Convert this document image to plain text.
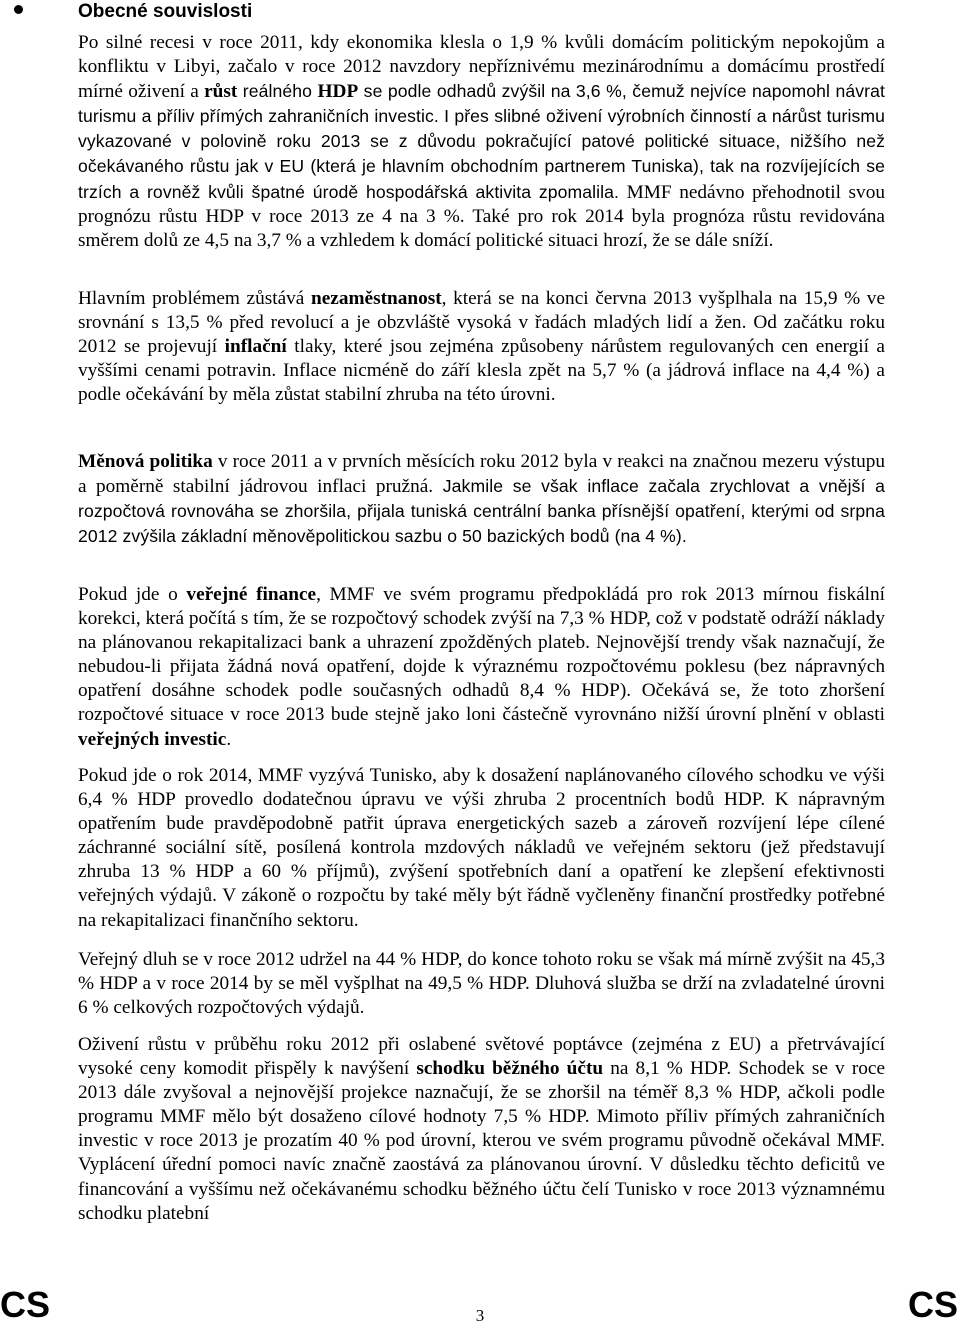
Obecné souvislosti
Po silné recesi v roce 2011, kdy ekonomika klesla o 1,9 % kvůli domácím politickým nepokojům a konfliktu v Libyi, začalo v roce 2012 navzdory nepříznivému mezinárodnímu a domácímu prostředí mírné oživení a růst reálného HDP se podle odhadů zvýšil na 3,6 %, čemuž nejvíce napomohl návrat turismu a příliv přímých zahraničních investic. I přes slibné oživení výrobních činností a nárůst turismu vykazované v polovině roku 2013 se z důvodu pokračující patové politické situace, nižšího než očekávaného růstu jak v EU (která je hlavním obchodním partnerem Tuniska), tak na rozvíjejících se trzích a rovněž kvůli špatné úrodě hospodářská aktivita zpomalila. MMF nedávno přehodnotil svou prognózu růstu HDP v roce 2013 ze 4 na 3 %. Také pro rok 2014 byla prognóza růstu revidována směrem dolů ze 4,5 na 3,7 % a vzhledem k domácí politické situaci hrozí, že se dále sníží.
Hlavním problémem zůstává nezaměstnanost, která se na konci června 2013 vyšplhala na 15,9 % ve srovnání s 13,5 % před revolucí a je obzvláště vysoká v řadách mladých lidí a žen. Od začátku roku 2012 se projevují inflační tlaky, které jsou zejména způsobeny nárůstem regulovaných cen energií a vyššími cenami potravin. Inflace nicméně do září klesla zpět na 5,7 % (a jádrová inflace na 4,4 %) a podle očekávání by měla zůstat stabilní zhruba na této úrovni.
Měnová politika v roce 2011 a v prvních měsících roku 2012 byla v reakci na značnou mezeru výstupu a poměrně stabilní jádrovou inflaci pružná. Jakmile se však inflace začala zrychlovat a vnější a rozpočtová rovnováha se zhoršila, přijala tuniská centrální banka přísnější opatření, kterými od srpna 2012 zvýšila základní měnověpolitickou sazbu o 50 bazických bodů (na 4 %).
Pokud jde o veřejné finance, MMF ve svém programu předpokládá pro rok 2013 mírnou fiskální korekci, která počítá s tím, že se rozpočtový schodek zvýší na 7,3 % HDP, což v podstatě odráží náklady na plánovanou rekapitalizaci bank a uhrazení zpožděných plateb. Nejnovější trendy však naznačují, že nebudou-li přijata žádná nová opatření, dojde k výraznému rozpočtovému poklesu (bez nápravných opatření dosáhne schodek podle současných odhadů 8,4 % HDP). Očekává se, že toto zhoršení rozpočtové situace v roce 2013 bude stejně jako loni částečně vyrovnáno nižší úrovní plnění v oblasti veřejných investic.
Pokud jde o rok 2014, MMF vyzývá Tunisko, aby k dosažení naplánovaného cílového schodku ve výši 6,4 % HDP provedlo dodatečnou úpravu ve výši zhruba 2 procentních bodů HDP. K nápravným opatřením bude pravděpodobně patřit úprava energetických sazeb a zároveň rozvíjení lépe cílené záchranné sociální sítě, posílená kontrola mzdových nákladů ve veřejném sektoru (jež představují zhruba 13 % HDP a 60 % příjmů), zvýšení spotřebních daní a opatření ke zlepšení efektivnosti veřejných výdajů. V zákoně o rozpočtu by také měly být řádně vyčleněny finanční prostředky potřebné na rekapitalizaci finančního sektoru.
Veřejný dluh se v roce 2012 udržel na 44 % HDP, do konce tohoto roku se však má mírně zvýšit na 45,3 % HDP a v roce 2014 by se měl vyšplhat na 49,5 % HDP. Dluhová služba se drží na zvladatelné úrovni 6 % celkových rozpočtových výdajů.
Oživení růstu v průběhu roku 2012 při oslabené světové poptávce (zejména z EU) a přetrvávající vysoké ceny komodit přispěly k navýšení schodku běžného účtu na 8,1 % HDP. Schodek se v roce 2013 dále zvyšoval a nejnovější projekce naznačují, že se zhoršil na téměř 8,3 % HDP, ačkoli podle programu MMF mělo být dosaženo cílové hodnoty 7,5 % HDP. Mimoto příliv přímých zahraničních investic v roce 2013 je prozatím 40 % pod úrovní, kterou ve svém programu původně očekával MMF. Vyplácení úřední pomoci navíc značně zaostává za plánovanou úrovní. V důsledku těchto deficitů ve financování a vyššímu než očekávanému schodku běžného účtu čelí Tunisko v roce 2013 významnému schodku platební
CS	3	CS
